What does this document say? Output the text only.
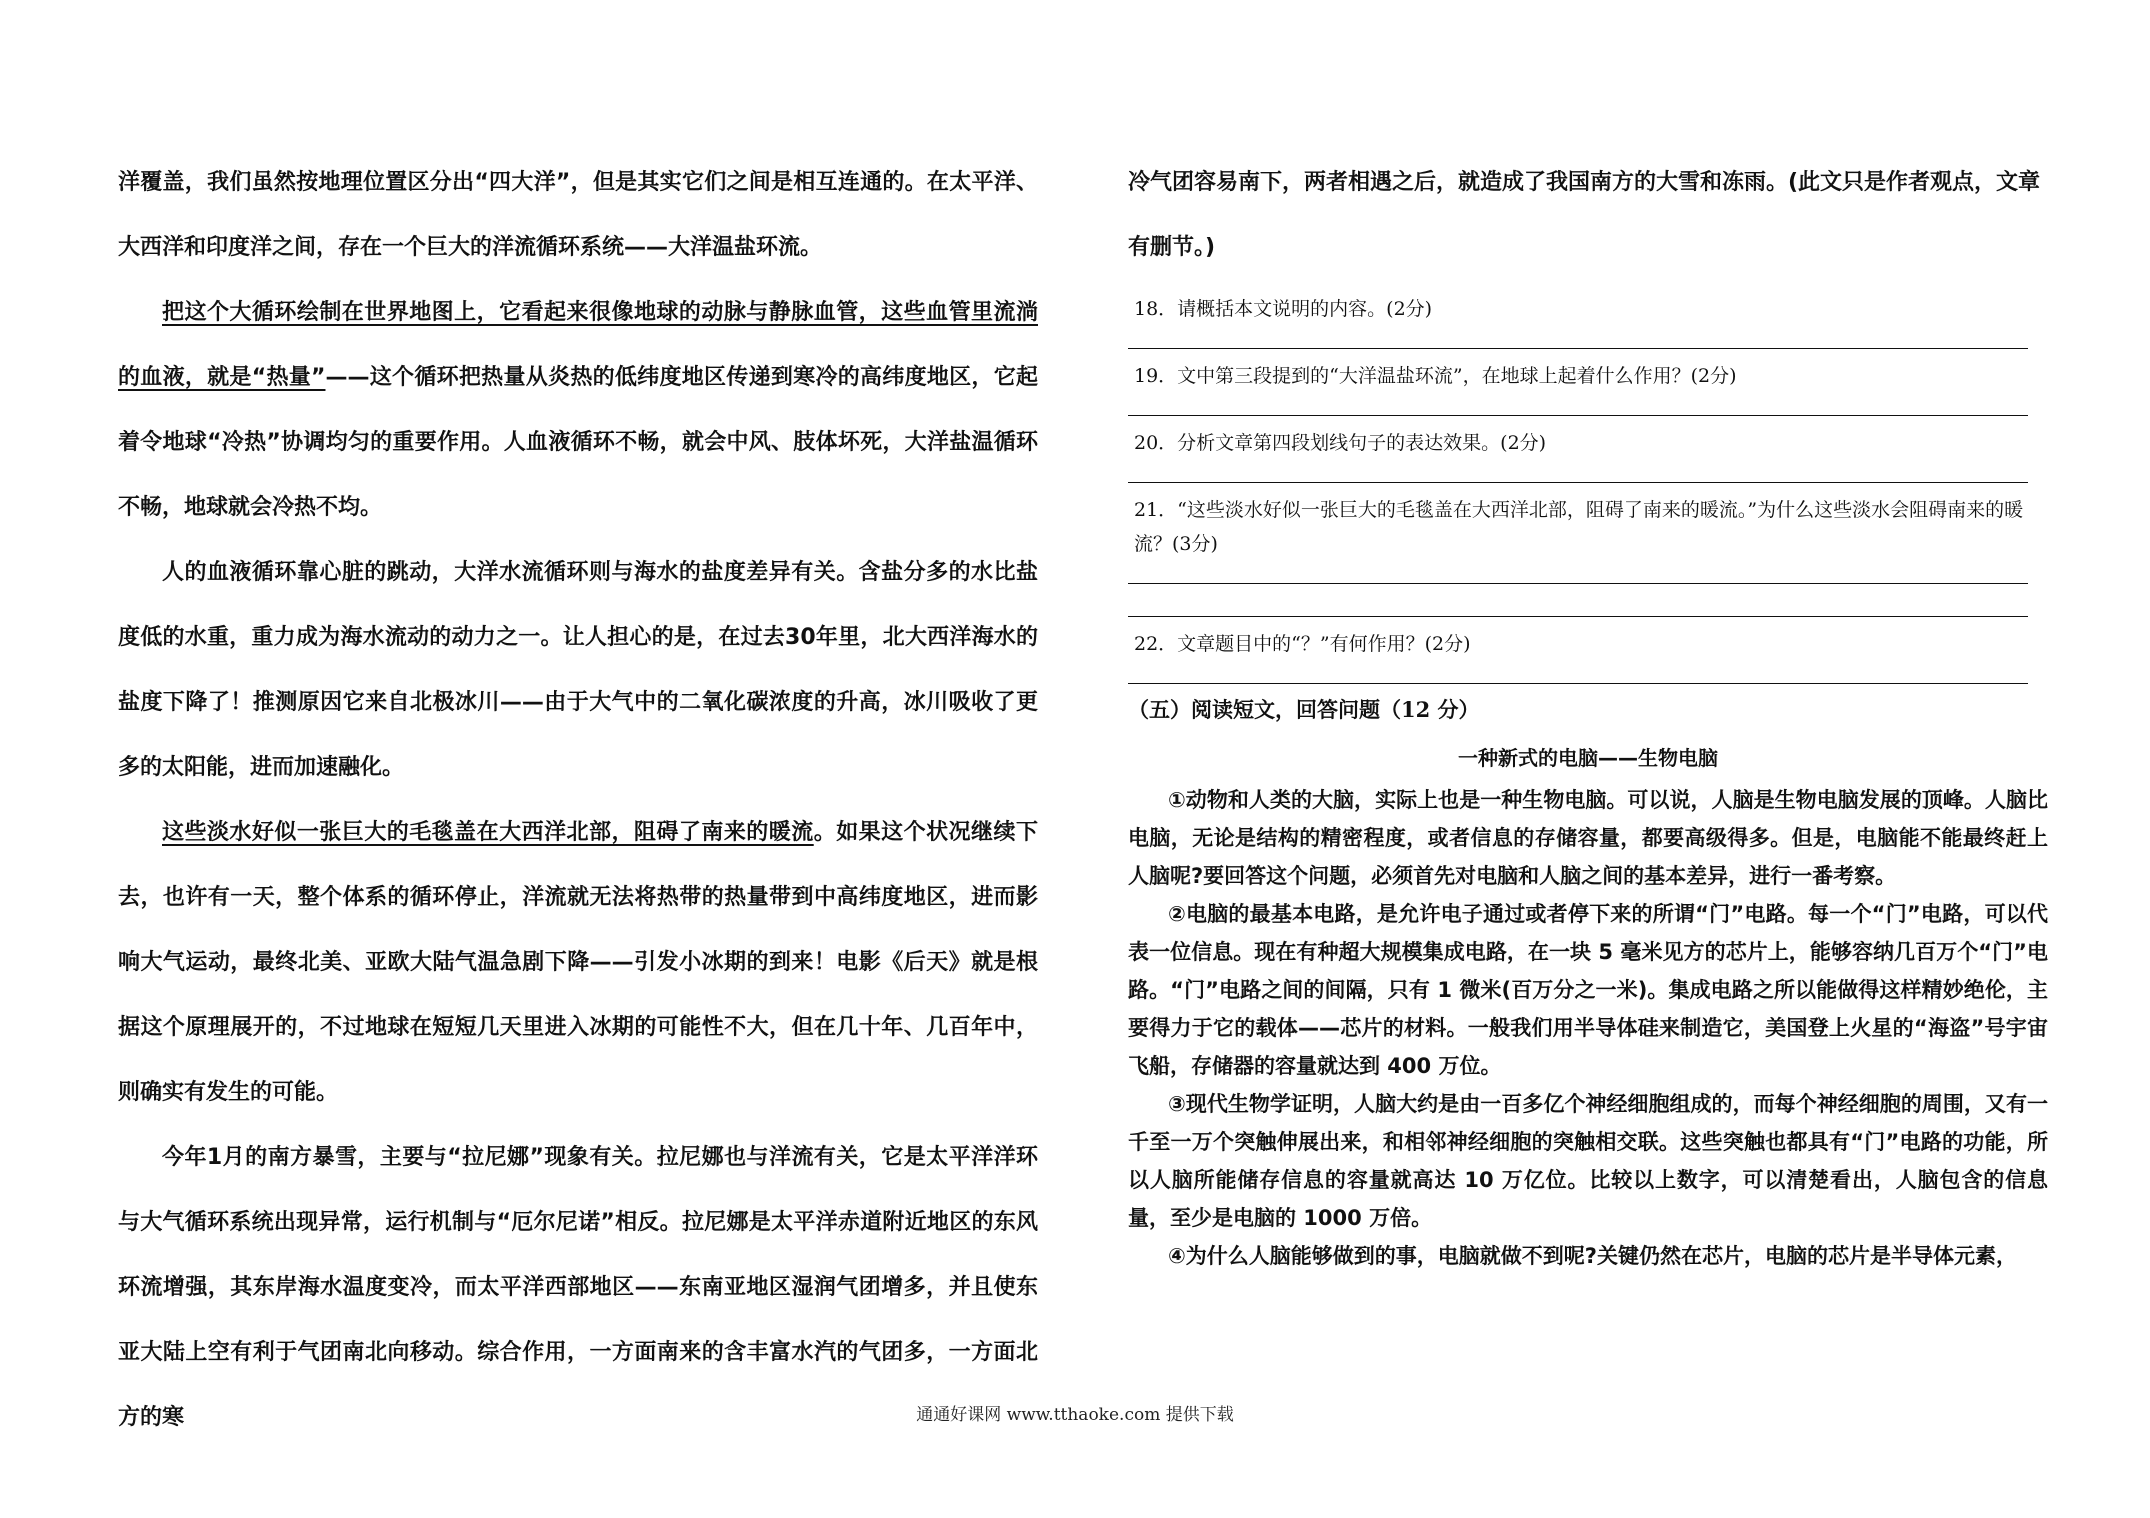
洋覆盖，我们虽然按地理位置区分出“四大洋”，但是其实它们之间是相互连通的。在太平洋、大西洋和印度洋之间，存在一个巨大的洋流循环系统——大洋温盐环流。

把这个大循环绘制在世界地图上，它看起来很像地球的动脉与静脉血管，这些血管里流淌的血液，就是“热量”——这个循环把热量从炎热的低纬度地区传递到寒冷的高纬度地区，它起着令地球“冷热”协调均匀的重要作用。人血液循环不畅，就会中风、肢体坏死，大洋盐温循环不畅，地球就会冷热不均。

人的血液循环靠心脏的跳动，大洋水流循环则与海水的盐度差异有关。含盐分多的水比盐度低的水重，重力成为海水流动的动力之一。让人担心的是，在过去30年里，北大西洋海水的盐度下降了！推测原因它来自北极冰川——由于大气中的二氧化碳浓度的升高，冰川吸收了更多的太阳能，进而加速融化。

这些淡水好似一张巨大的毛毯盖在大西洋北部，阻碍了南来的暖流。如果这个状况继续下去，也许有一天，整个体系的循环停止，洋流就无法将热带的热量带到中高纬度地区，进而影响大气运动，最终北美、亚欧大陆气温急剧下降——引发小冰期的到来！电影《后天》就是根据这个原理展开的，不过地球在短短几天里进入冰期的可能性不大，但在几十年、几百年中，则确实有发生的可能。

今年1月的南方暴雪，主要与“拉尼娜”现象有关。拉尼娜也与洋流有关，它是太平洋洋环与大气循环系统出现异常，运行机制与“厄尔尼诺”相反。拉尼娜是太平洋赤道附近地区的东风环流增强，其东岸海水温度变冷，而太平洋西部地区——东南亚地区湿润气团增多，并且使东亚大陆上空有利于气团南北向移动。综合作用，一方面南来的含丰富水汽的气团多，一方面北方的寒

冷气团容易南下，两者相遇之后，就造成了我国南方的大雪和冻雨。(此文只是作者观点，文章有删节。)

18．请概括本文说明的内容。(2分)

19．文中第三段提到的“大洋温盐环流”，在地球上起着什么作用？(2分)

20．分析文章第四段划线句子的表达效果。(2分)

21．“这些淡水好似一张巨大的毛毯盖在大西洋北部，阻碍了南来的暖流。”为什么这些淡水会阻碍南来的暖流？(3分)

22．文章题目中的“？”有何作用？(2分)

（五）阅读短文，回答问题（12 分）
一种新式的电脑——生物电脑

①动物和人类的大脑，实际上也是一种生物电脑。可以说，人脑是生物电脑发展的顶峰。人脑比电脑，无论是结构的精密程度，或者信息的存储容量，都要高级得多。但是，电脑能不能最终赶上人脑呢?要回答这个问题，必须首先对电脑和人脑之间的基本差异，进行一番考察。

②电脑的最基本电路，是允许电子通过或者停下来的所谓“门”电路。每一个“门”电路，可以代表一位信息。现在有种超大规模集成电路，在一块 5 毫米见方的芯片上，能够容纳几百万个“门”电路。“门”电路之间的间隔，只有 1 微米(百万分之一米)。集成电路之所以能做得这样精妙绝伦，主要得力于它的载体——芯片的材料。一般我们用半导体硅来制造它，美国登上火星的“海盗”号宇宙飞船，存储器的容量就达到 400 万位。

③现代生物学证明，人脑大约是由一百多亿个神经细胞组成的，而每个神经细胞的周围，又有一千至一万个突触伸展出来，和相邻神经细胞的突触相交联。这些突触也都具有“门”电路的功能，所以人脑所能储存信息的容量就高达 10 万亿位。比较以上数字，可以清楚看出，人脑包含的信息量，至少是电脑的 1000 万倍。

④为什么人脑能够做到的事，电脑就做不到呢?关键仍然在芯片，电脑的芯片是半导体元素，

通通好课网 www.tthaoke.com 提供下载
